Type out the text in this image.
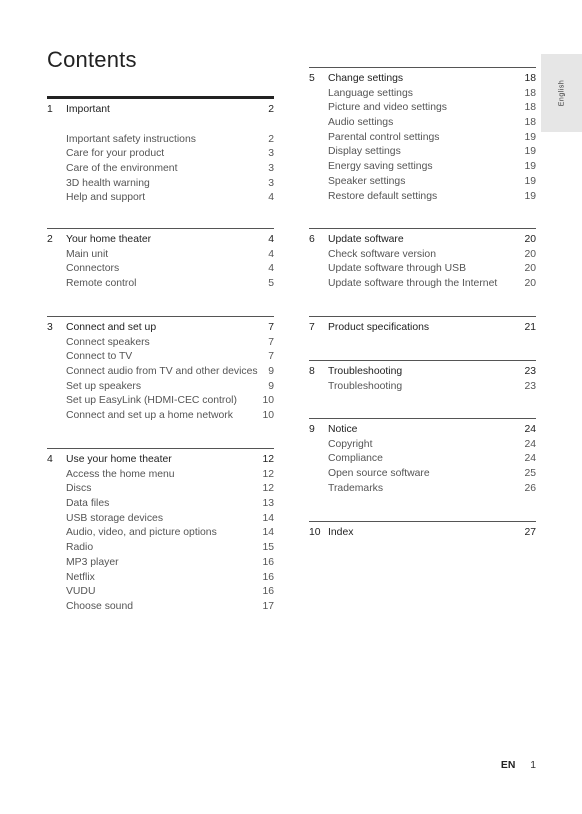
Contents
English
1 Important	2
Important safety instructions	2
Care for your product	3
Care of the environment	3
3D health warning	3
Help and support	4
2 Your home theater	4
Main unit	4
Connectors	4
Remote control	5
3 Connect and set up	7
Connect speakers	7
Connect to TV	7
Connect audio from TV and other devices 9
Set up speakers	9
Set up EasyLink (HDMI-CEC control) 10
Connect and set up a home network	10
4 Use your home theater	12
Access the home menu	12
Discs	12
Data files	13
USB storage devices	14
Audio, video, and picture options	14
Radio	15
MP3 player	16
Netflix	16
VUDU	16
Choose sound	17
5 Change settings	18
Language settings	18
Picture and video settings	18
Audio settings	18
Parental control settings	19
Display settings	19
Energy saving settings	19
Speaker settings	19
Restore default settings	19
6 Update software	20
Check software version	20
Update software through USB	20
Update software through the Internet	20
7 Product specifications	21
8 Troubleshooting	23
Troubleshooting	23
9 Notice	24
Copyright	24
Compliance	24
Open source software	25
Trademarks	26
10 Index	27
EN 1
